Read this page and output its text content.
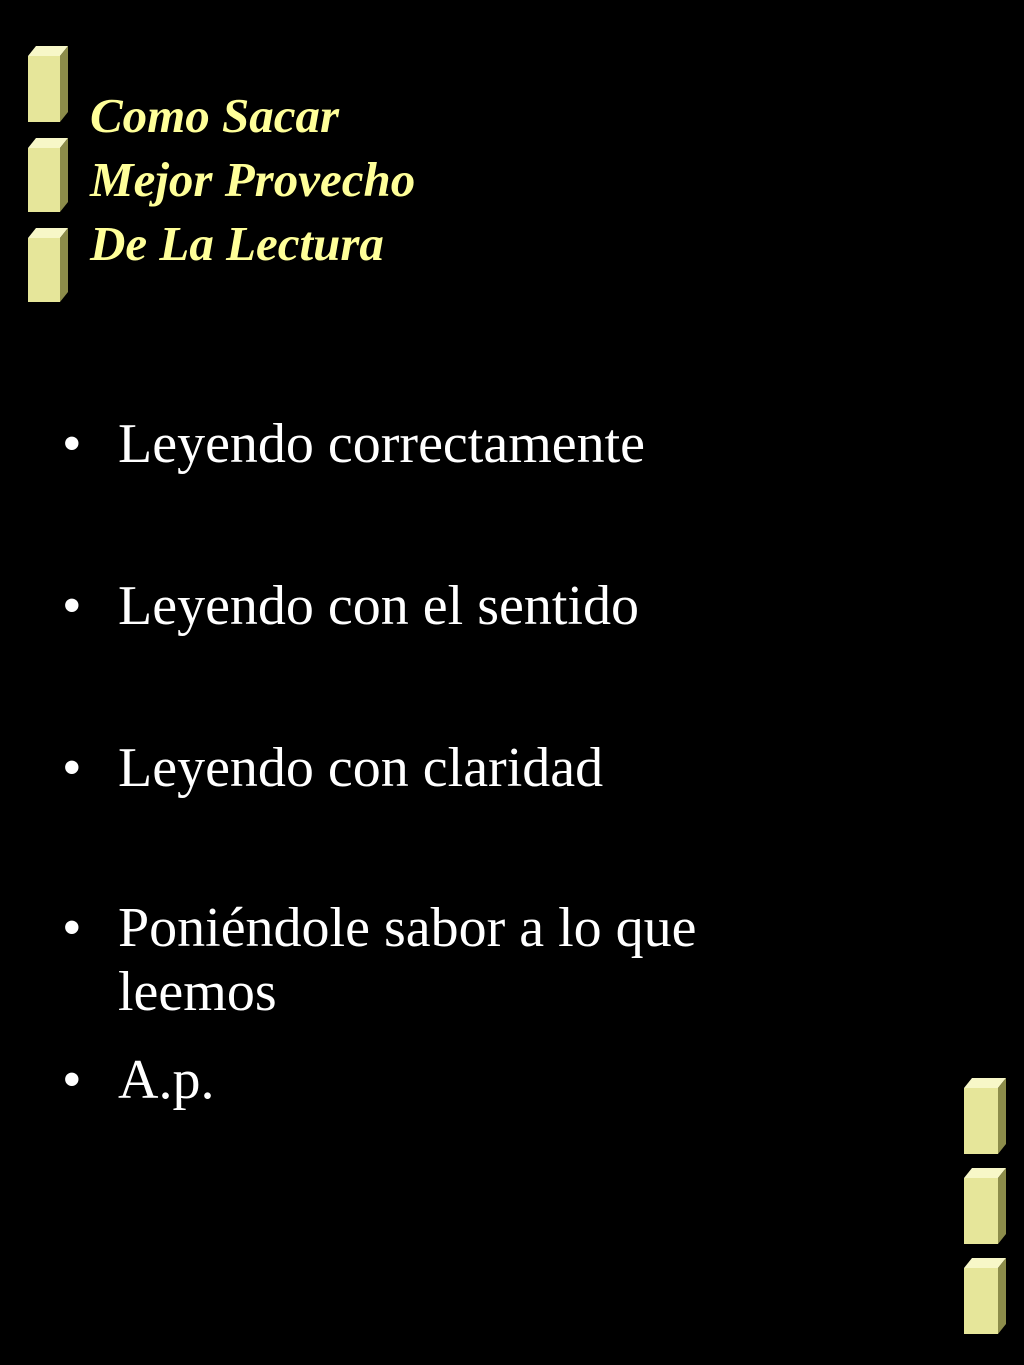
Como Sacar
Mejor Provecho
De La Lectura
• Leyendo correctamente
• Leyendo con el sentido
• Leyendo con claridad
• Poniéndole sabor a lo que leemos
• A.p.
